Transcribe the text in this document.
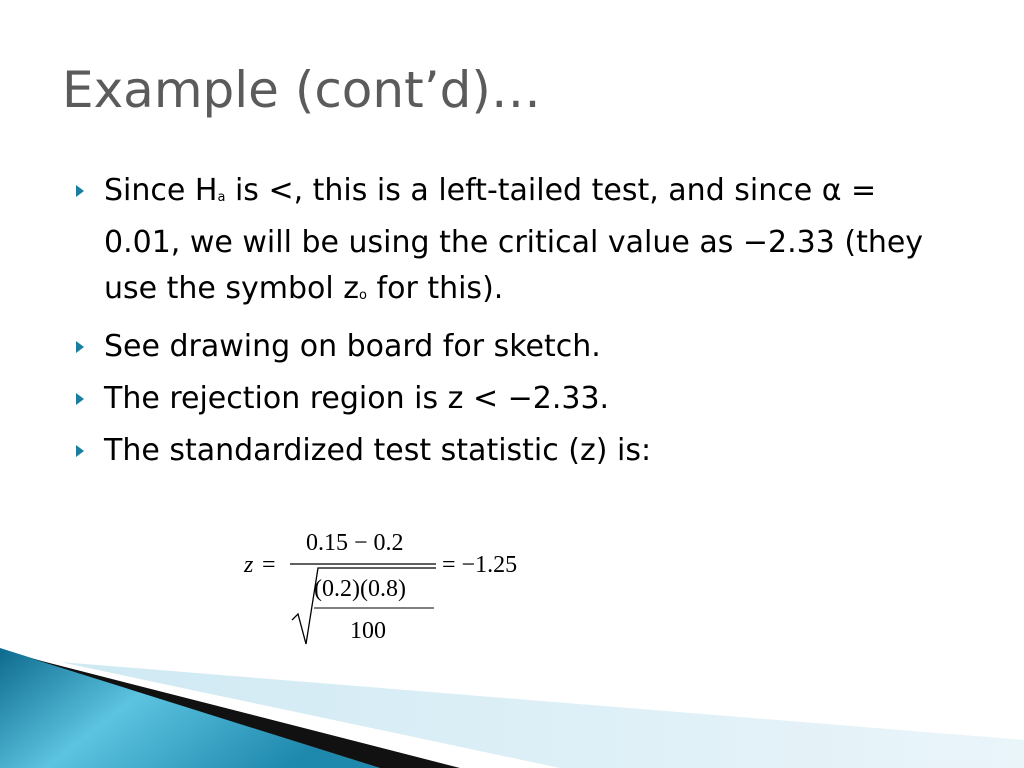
Example (cont’d)…
Since Ha is <, this is a left-tailed test, and since α = 0.01, we will be using the critical value as −2.33 (they use the symbol zo for this).
See drawing on board for sketch.
The rejection region is z < −2.33.
The standardized test statistic (z) is:
z =
0.15 − 0.2
(0.2)(0.8)
100
= −1.25
